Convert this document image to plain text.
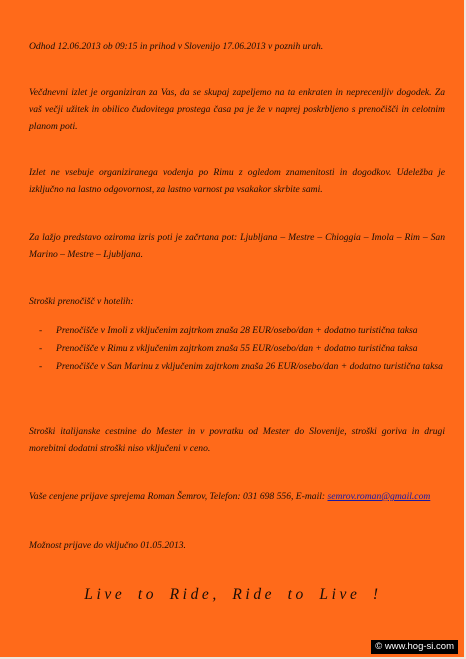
Odhod 12.06.2013 ob 09:15 in prihod v Slovenijo 17.06.2013 v poznih urah.

Večdnevni izlet je organiziran za Vas, da se skupaj zapeljemo na ta enkraten in neprecenljiv dogodek. Za vaš večji užitek in obilico čudovitega prostega časa pa je že v naprej poskrbljeno s prenočišči in celotnim planom poti.

Izlet ne vsebuje organiziranega vodenja po Rimu z ogledom znamenitosti in dogodkov. Udeležba je izključno na lastno odgovornost, za lastno varnost pa vsakakor skrbite sami.

Za lažjo predstavo oziroma izris poti je začrtana pot: Ljubljana – Mestre – Chioggia – Imola – Rim – San Marino – Mestre – Ljubljana.

Stroški prenočišč v hotelih:

- Prenočišče v Imoli z vključenim zajtrkom znaša 28 EUR/osebo/dan + dodatno turistična taksa
- Prenočišče v Rimu z vključenim zajtrkom znaša 55 EUR/osebo/dan + dodatno turistična taksa
- Prenočišče v San Marinu z vključenim zajtrkom znaša 26 EUR/osebo/dan + dodatno turistična taksa

Stroški italijanske cestnine do Mester in v povratku od Mester do Slovenije, stroški goriva in drugi morebitni dodatni stroški niso vključeni v ceno.

Vaše cenjene prijave sprejema Roman Šemrov, Telefon: 031 698 556, E-mail: semrov.roman@gmail.com

Možnost prijave do vključno 01.05.2013.

Live to Ride, Ride to Live !
© www.hog-si.com
